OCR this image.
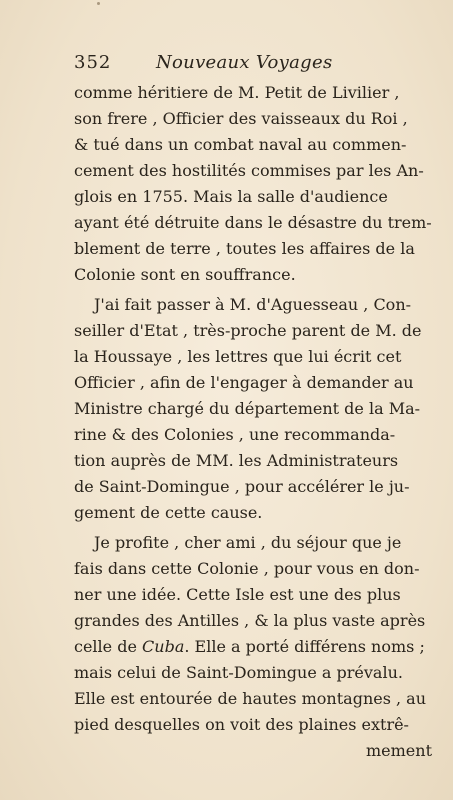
352	Nouveaux Voyages
comme héritiere de M. Petit de Livilier ,
son frere , Officier des vaisseaux du Roi ,
& tué dans un combat naval au commen-
cement des hostilités commises par les An-
glois en 1755. Mais la salle d'audience
ayant été détruite dans le désastre du trem-
blement de terre , toutes les affaires de la
Colonie sont en souffrance.
J'ai fait passer à M. d'Aguesseau , Con-
seiller d'Etat , très-proche parent de M. de
la Houssaye , les lettres que lui écrit cet
Officier , afin de l'engager à demander au
Ministre chargé du département de la Ma-
rine & des Colonies , une recommanda-
tion auprès de MM. les Administrateurs
de Saint-Domingue , pour accélérer le ju-
gement de cette cause.
Je profite , cher ami , du séjour que je
fais dans cette Colonie , pour vous en don-
ner une idée. Cette Isle est une des plus
grandes des Antilles , & la plus vaste après
celle de Cuba. Elle a porté différens noms ;
mais celui de Saint-Domingue a prévalu.
Elle est entourée de hautes montagnes , au
pied desquelles on voit des plaines extrê-
mement
